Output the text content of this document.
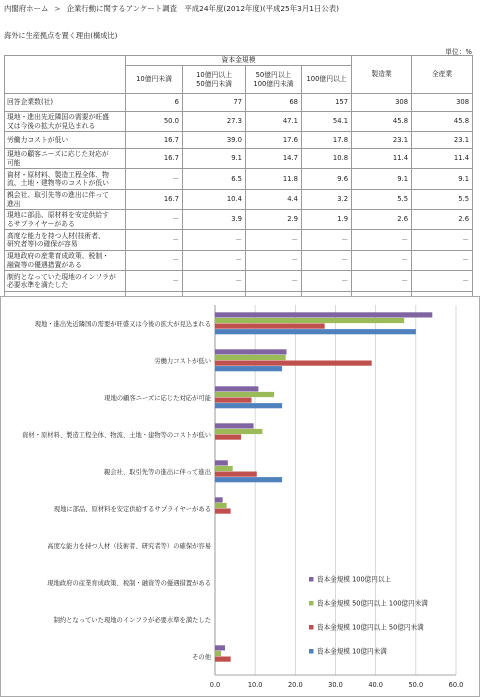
内閣府ホーム > 企業行動に関するアンケート調査　平成24年度(2012年度)(平成25年3月1日公表)
海外に生産拠点を置く理由(構成比)
単位：%
	資本金規模				製造業	全産業
	10億円未満	10億円以上
50億円未満	50億円以上
100億円未満	100億円以上		
回答企業数(社)	6	77	68	157	308	308
現地・進出先近隣国の需要が旺盛
又は今後の拡大が見込まれる	50.0	27.3	47.1	54.1	45.8	45.8
労働力コストが低い	16.7	39.0	17.6	17.8	23.1	23.1
現地の顧客ニーズに応じた対応が
可能	16.7	9.1	14.7	10.8	11.4	11.4
資材・原材料、製造工程全体、物
流、土地・建物等のコストが低い	－	6.5	11.8	9.6	9.1	9.1
親会社、取引先等の進出に伴って
進出	16.7	10.4	4.4	3.2	5.5	5.5
現地に部品、原材料を安定供給す
るサプライヤーがある	－	3.9	2.9	1.9	2.6	2.6
高度な能力を持つ人材(技術者、
研究者等)の確保が容易	－	－	－	－	－	－
現地政府の産業育成政策、税制・
融資等の優遇措置がある	－	－	－	－	－	－
制約となっていた現地のインフラが
必要水準を満たした	－	－	－	－	－	－

0.0	10.0	20.0	30.0	40.0	50.0	60.0
現地・進出先近隣国の需要が旺盛又は今後の拡大が見込まれる
労働力コストが低い
現地の顧客ニーズに応じた対応が可能
資材・原材料、製造工程全体、物流、土地・建物等のコストが低い
親会社、取引先等の進出に伴って進出
現地に部品、原材料を安定供給するサプライヤーがある
高度な能力を持つ人材（技術者、研究者等）の確保が容易
現地政府の産業育成政策、税制・融資等の優遇措置がある
制約となっていた現地のインフラが必要水準を満たした
その他
資本金規模 100億円以上
資本金規模 50億円以上 100億円未満
資本金規模 10億円以上 50億円未満
資本金規模 10億円未満
